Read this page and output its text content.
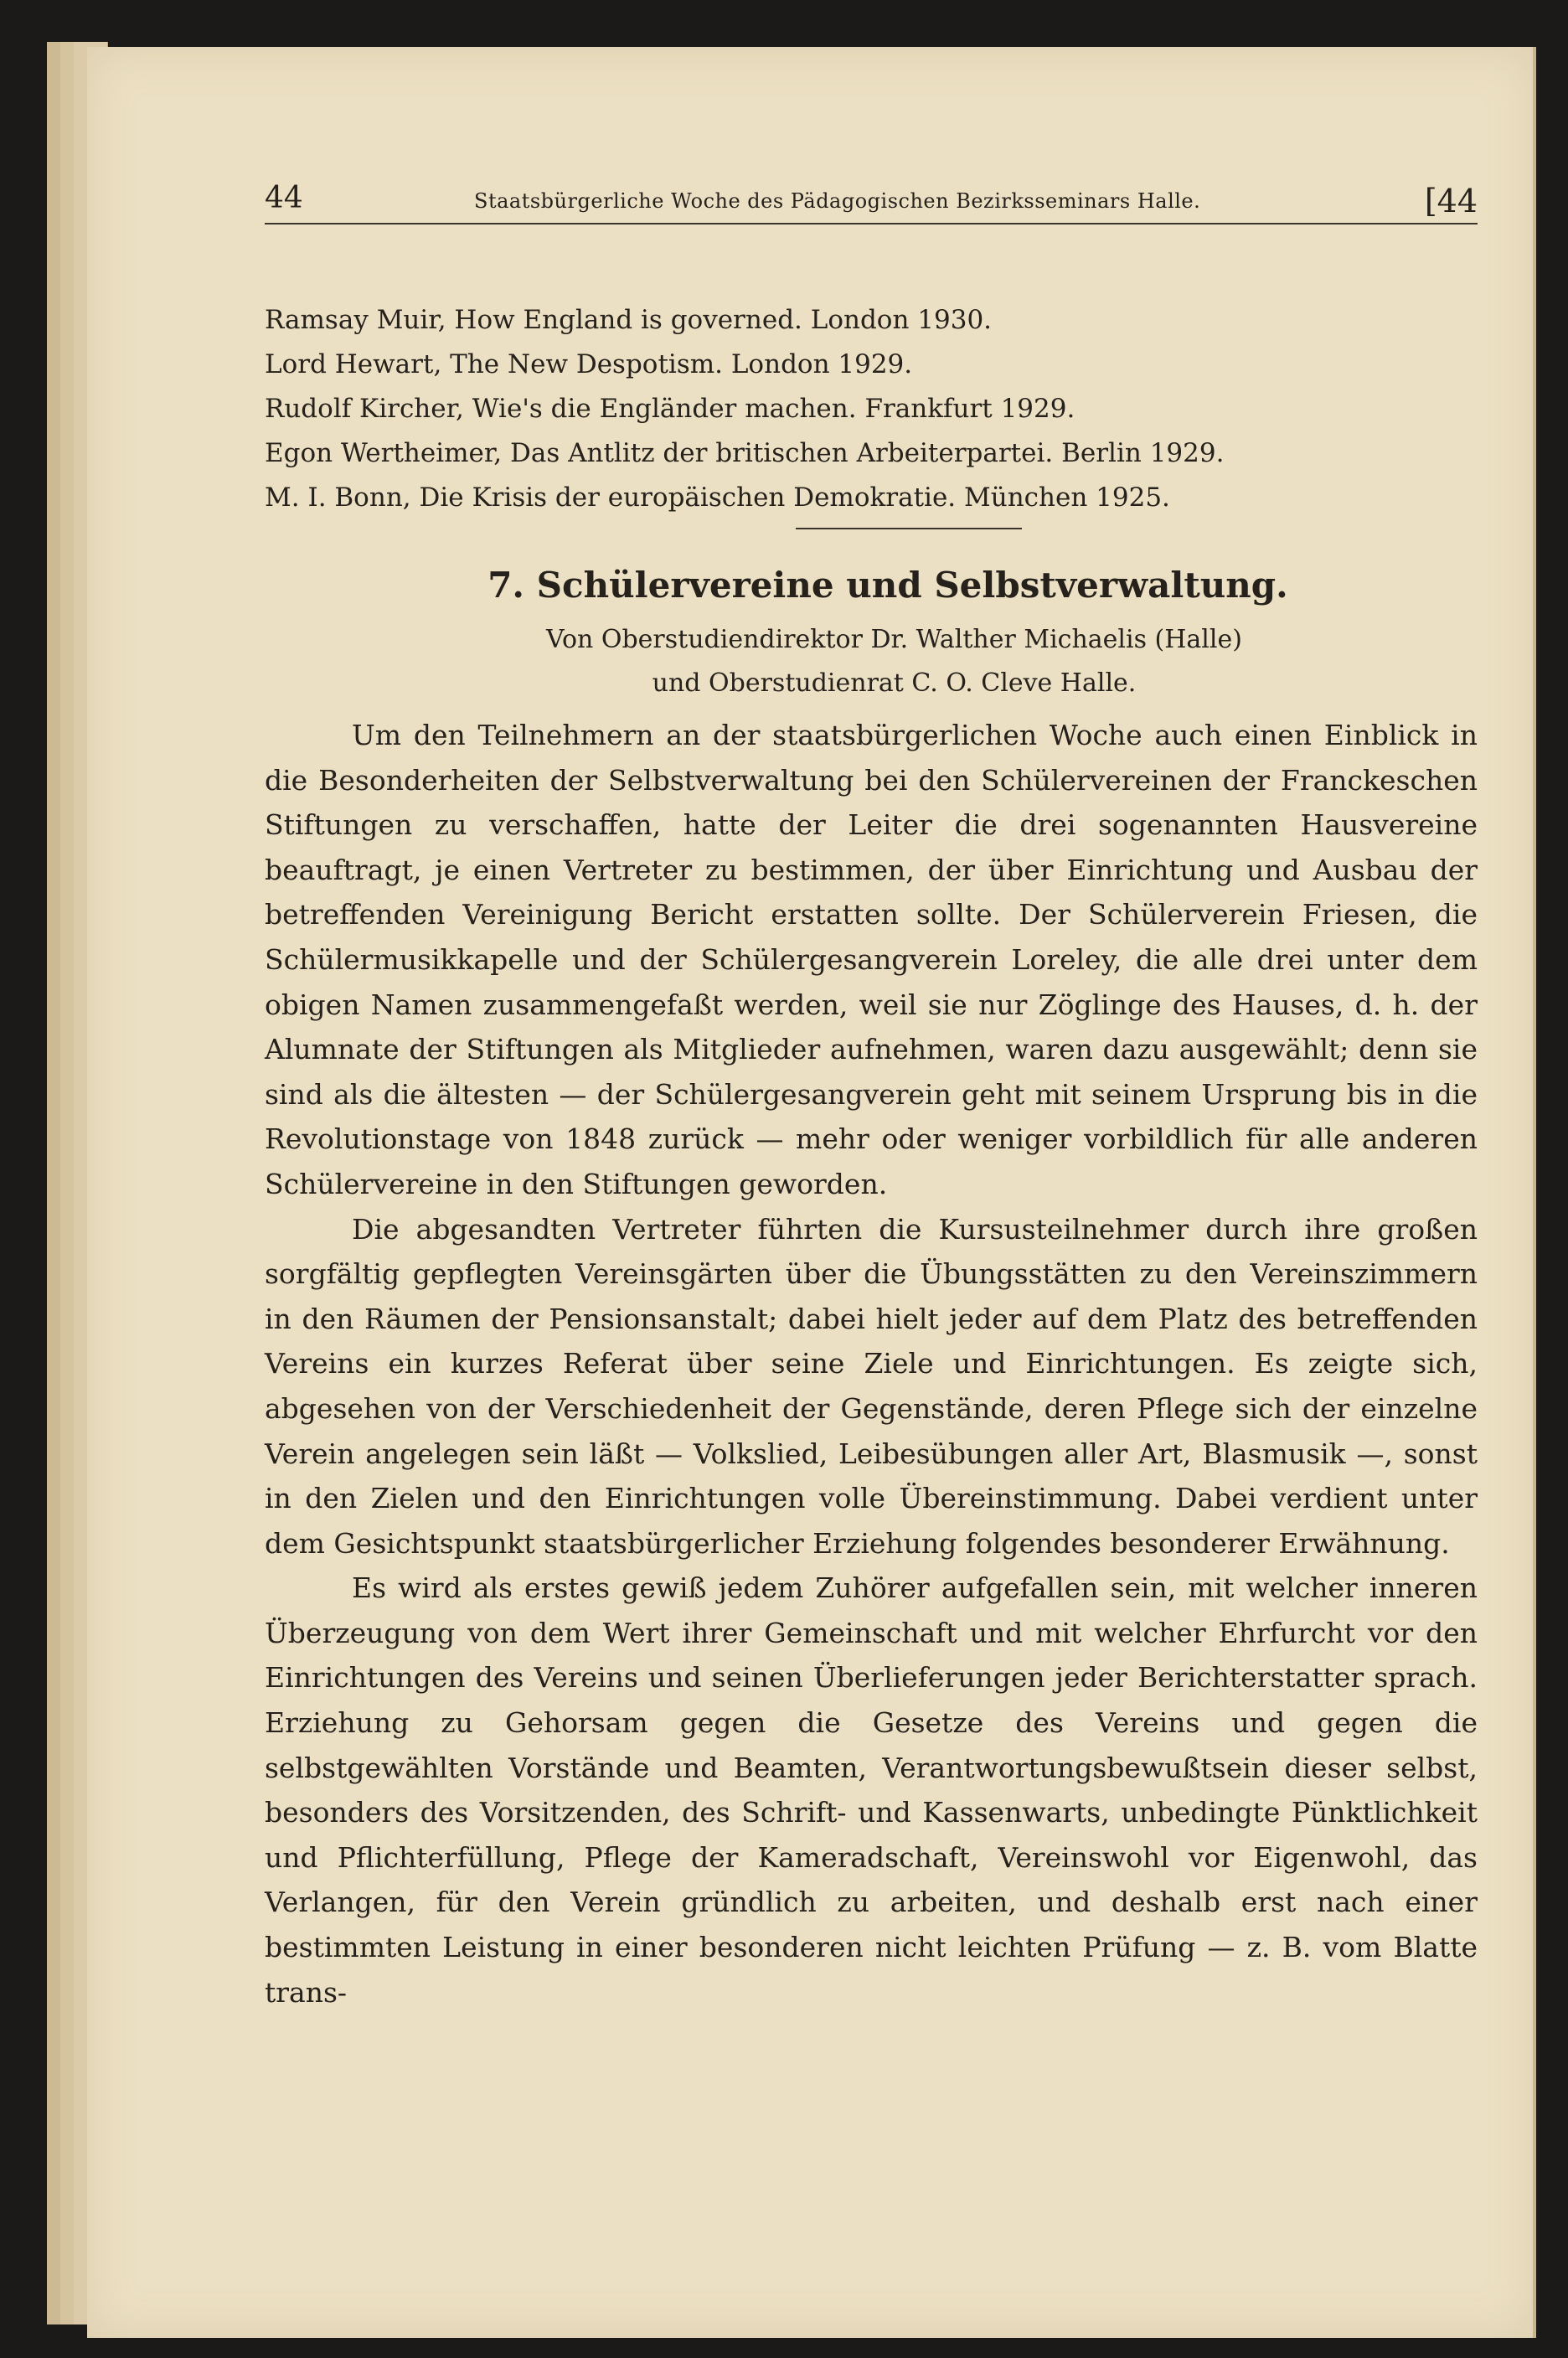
44	Staatsbürgerliche Woche des Pädagogischen Bezirksseminars Halle.	[44
Ramsay Muir, How England is governed. London 1930.
Lord Hewart, The New Despotism. London 1929.
Rudolf Kircher, Wie's die Engländer machen. Frankfurt 1929.
Egon Wertheimer, Das Antlitz der britischen Arbeiterpartei. Berlin 1929.
M. I. Bonn, Die Krisis der europäischen Demokratie. München 1925.
7. Schülervereine und Selbstverwaltung.
Von Oberstudiendirektor Dr. Walther Michaelis (Halle)
und Oberstudienrat C. O. Cleve Halle.

Um den Teilnehmern an der staatsbürgerlichen Woche auch einen Einblick in die Besonderheiten der Selbstverwaltung bei den Schülervereinen der Franckeschen Stiftungen zu verschaffen, hatte der Leiter die drei sogenannten Hausvereine beauftragt, je einen Vertreter zu bestimmen, der über Einrichtung und Ausbau der betreffenden Vereinigung Bericht erstatten sollte. Der Schülerverein Friesen, die Schülermusikkapelle und der Schülergesangverein Loreley, die alle drei unter dem obigen Namen zusammengefaßt werden, weil sie nur Zöglinge des Hauses, d. h. der Alumnate der Stiftungen als Mitglieder aufnehmen, waren dazu ausgewählt; denn sie sind als die ältesten — der Schülergesangverein geht mit seinem Ursprung bis in die Revolutionstage von 1848 zurück — mehr oder weniger vorbildlich für alle anderen Schülervereine in den Stiftungen geworden.

Die abgesandten Vertreter führten die Kursusteilnehmer durch ihre großen sorgfältig gepflegten Vereinsgärten über die Übungsstätten zu den Vereinszimmern in den Räumen der Pensionsanstalt; dabei hielt jeder auf dem Platz des betreffenden Vereins ein kurzes Referat über seine Ziele und Einrichtungen. Es zeigte sich, abgesehen von der Verschiedenheit der Gegenstände, deren Pflege sich der einzelne Verein angelegen sein läßt — Volkslied, Leibesübungen aller Art, Blasmusik —, sonst in den Zielen und den Einrichtungen volle Übereinstimmung. Dabei verdient unter dem Gesichtspunkt staatsbürgerlicher Erziehung folgendes besonderer Erwähnung.

Es wird als erstes gewiß jedem Zuhörer aufgefallen sein, mit welcher inneren Überzeugung von dem Wert ihrer Gemeinschaft und mit welcher Ehrfurcht vor den Einrichtungen des Vereins und seinen Überlieferungen jeder Berichterstatter sprach. Erziehung zu Gehorsam gegen die Gesetze des Vereins und gegen die selbstgewählten Vorstände und Beamten, Verantwortungsbewußtsein dieser selbst, besonders des Vorsitzenden, des Schrift- und Kassenwarts, unbedingte Pünktlichkeit und Pflichterfüllung, Pflege der Kameradschaft, Vereinswohl vor Eigenwohl, das Verlangen, für den Verein gründlich zu arbeiten, und deshalb erst nach einer bestimmten Leistung in einer besonderen nicht leichten Prüfung — z. B. vom Blatte trans-
